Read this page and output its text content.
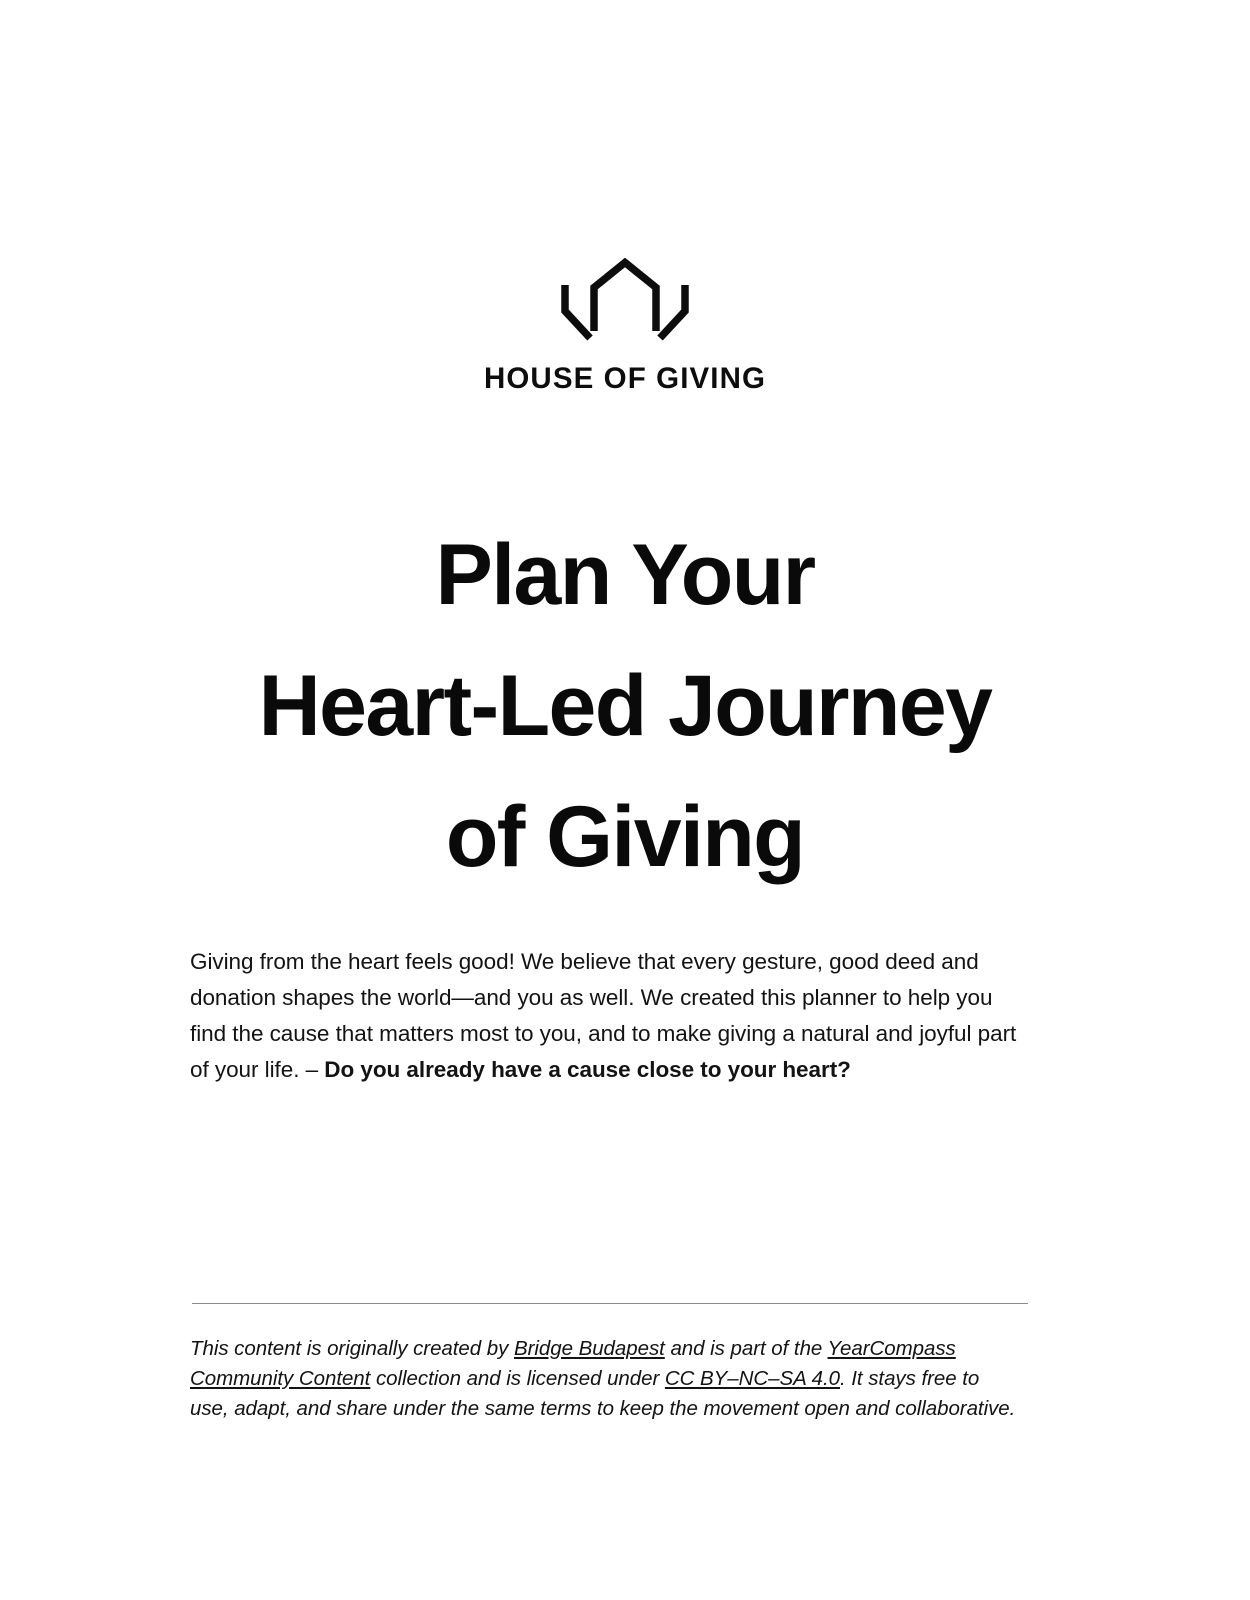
HOUSE OF GIVING
Plan Your
Heart-Led Journey
of Giving

Giving from the heart feels good! We believe that every gesture, good deed and donation shapes the world—and you as well. We created this planner to help you find the cause that matters most to you, and to make giving a natural and joyful part of your life. – Do you already have a cause close to your heart?

This content is originally created by Bridge Budapest and is part of the YearCompass Community Content collection and is licensed under CC BY–NC–SA 4.0. It stays free to use, adapt, and share under the same terms to keep the movement open and collaborative.
